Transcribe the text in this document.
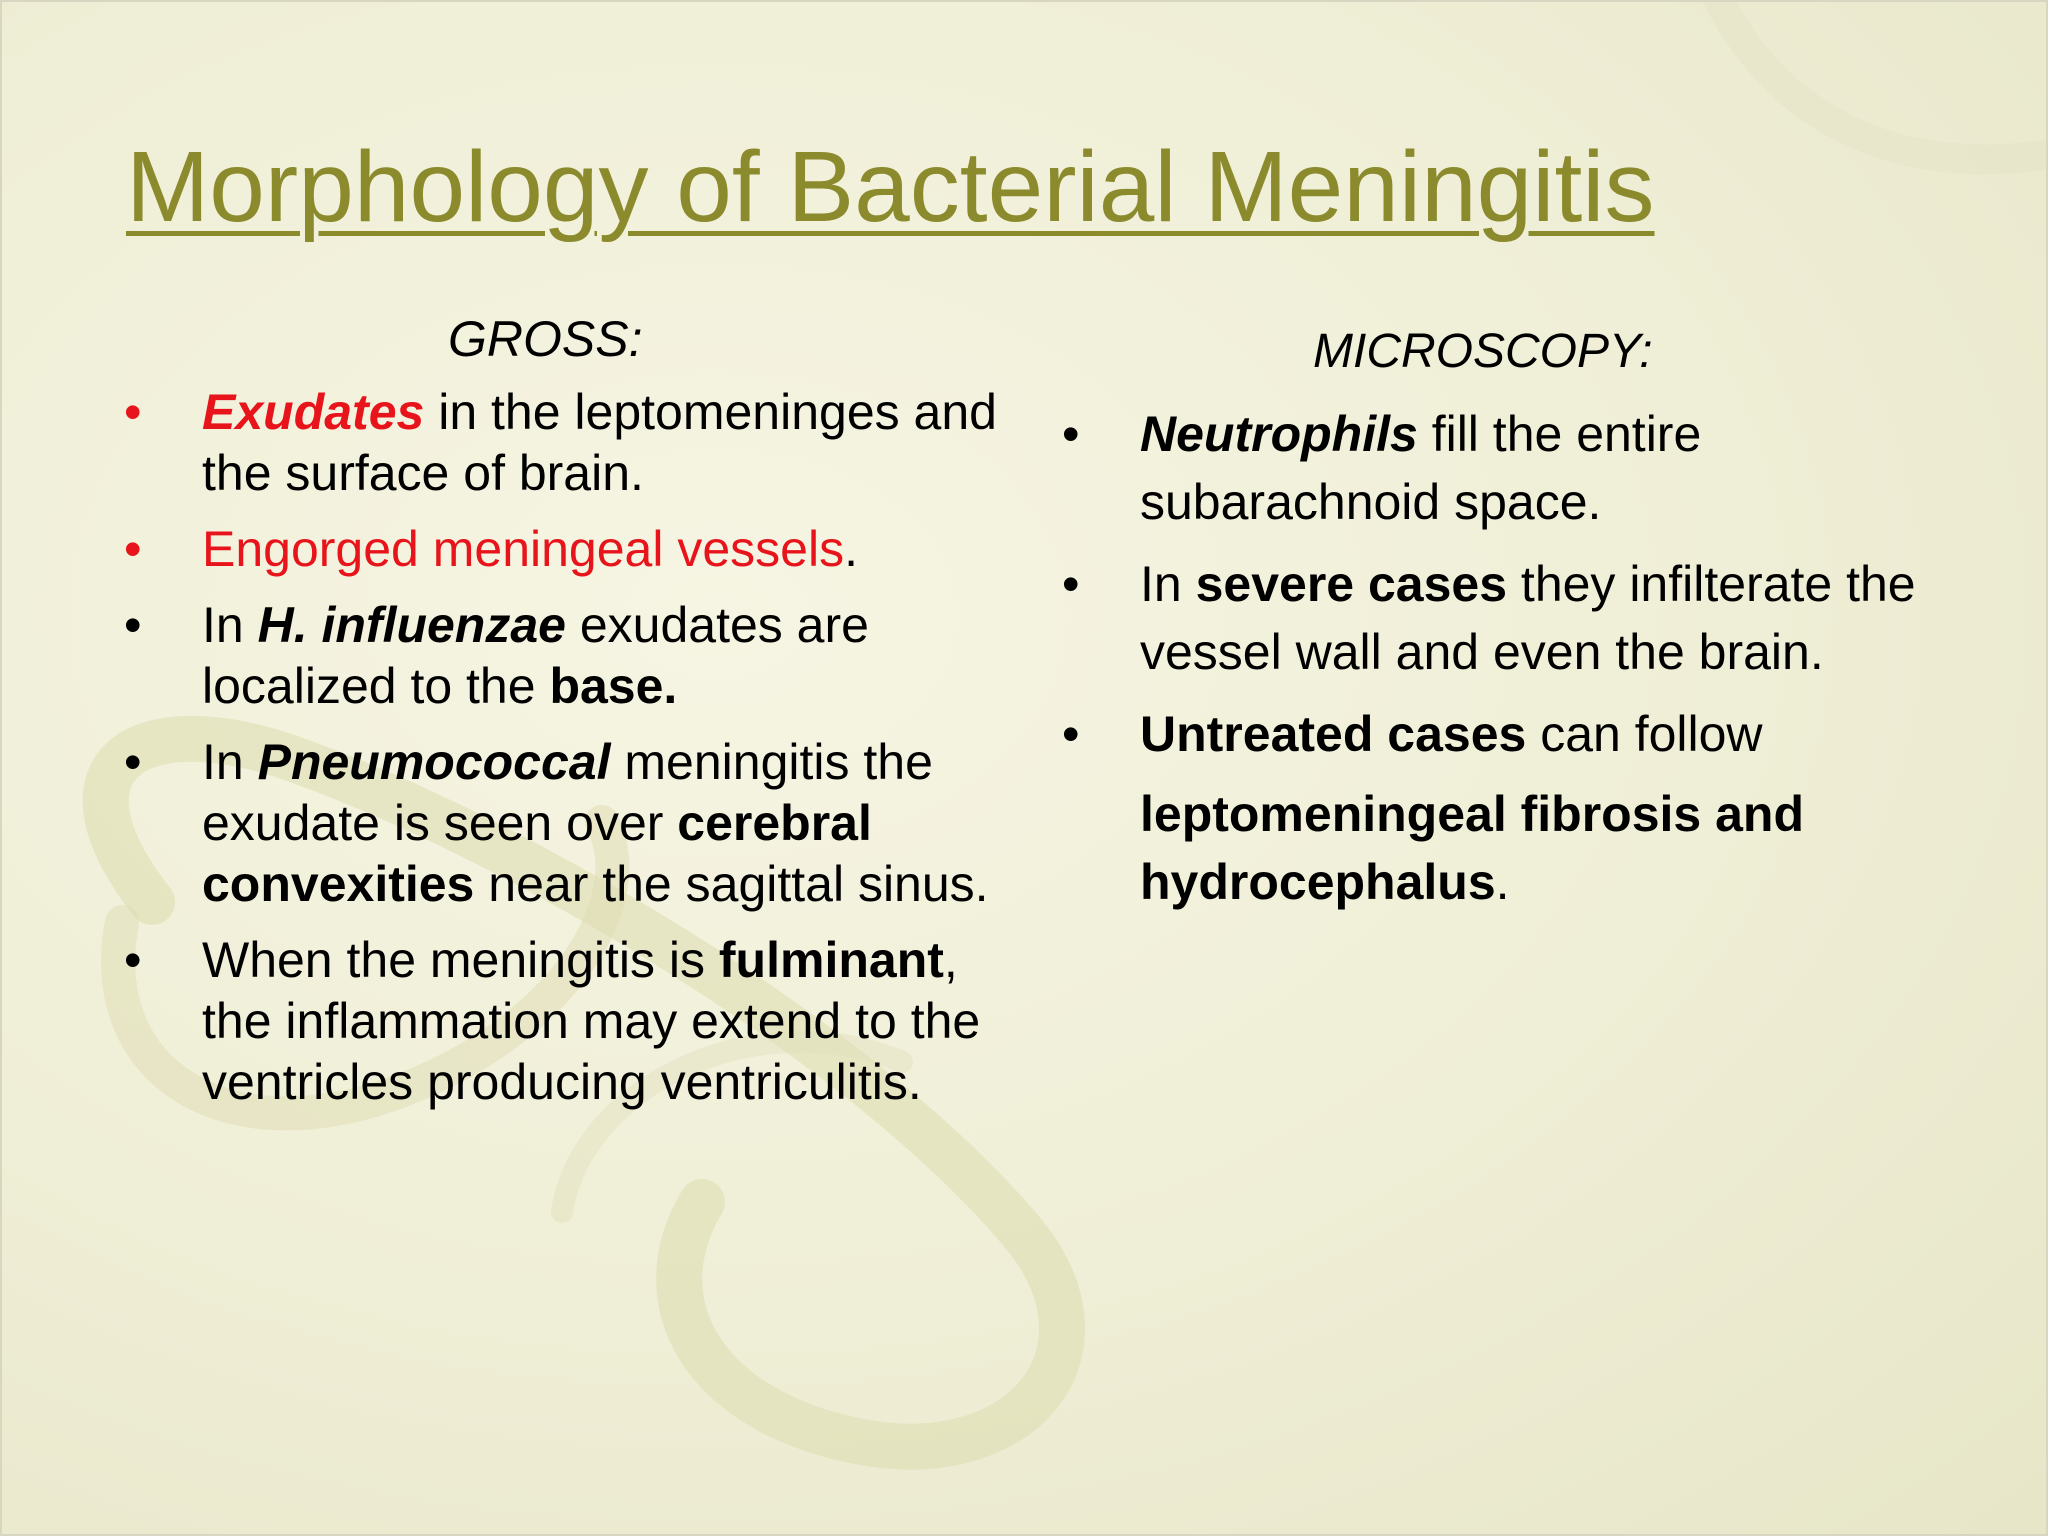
Morphology of Bacterial Meningitis
GROSS:
• Exudates in the leptomeninges and the surface of brain.
• Engorged meningeal vessels.
• In H. influenzae exudates are localized to the base.
• In Pneumococcal meningitis the exudate is seen over cerebral convexities near the sagittal sinus.
• When the meningitis is fulminant, the inflammation may extend to the ventricles producing ventriculitis.
MICROSCOPY:
• Neutrophils fill the entire subarachnoid space.
• In severe cases they infilterate the vessel wall and even the brain.
• Untreated cases can follow
leptomeningeal fibrosis and hydrocephalus.
